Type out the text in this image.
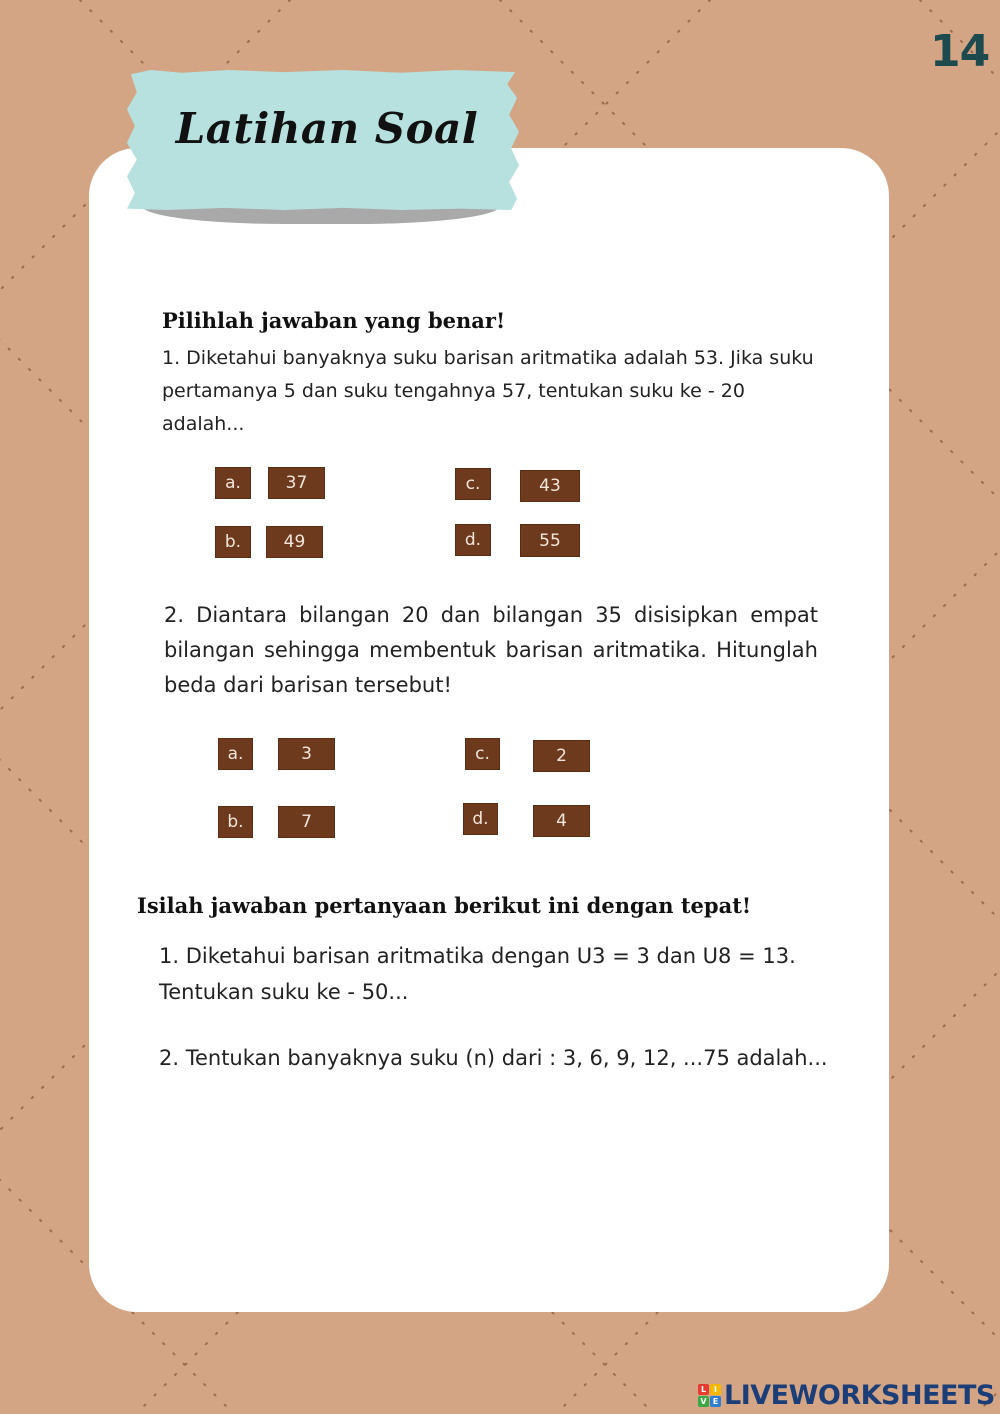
14
Latihan Soal
Pilihlah jawaban yang benar!

1. Diketahui banyaknya suku barisan aritmatika adalah 53. Jika suku pertamanya 5 dan suku tengahnya 57, tentukan suku ke - 20 adalah...

a.	37
b.	49
c.	43
d.	55

2. Diantara bilangan 20 dan bilangan 35 disisipkan empat bilangan sehingga membentuk barisan aritmatika. Hitunglah beda dari barisan tersebut!

a.	3
b.	7
c.	2
d.	4
Isilah jawaban pertanyaan berikut ini dengan tepat!

1. Diketahui barisan aritmatika dengan U3 = 3 dan U8 = 13. Tentukan suku ke - 50...

2. Tentukan banyaknya suku (n) dari : 3, 6, 9, 12, ...75 adalah...

L I
V E LIVEWORKSHEETS
